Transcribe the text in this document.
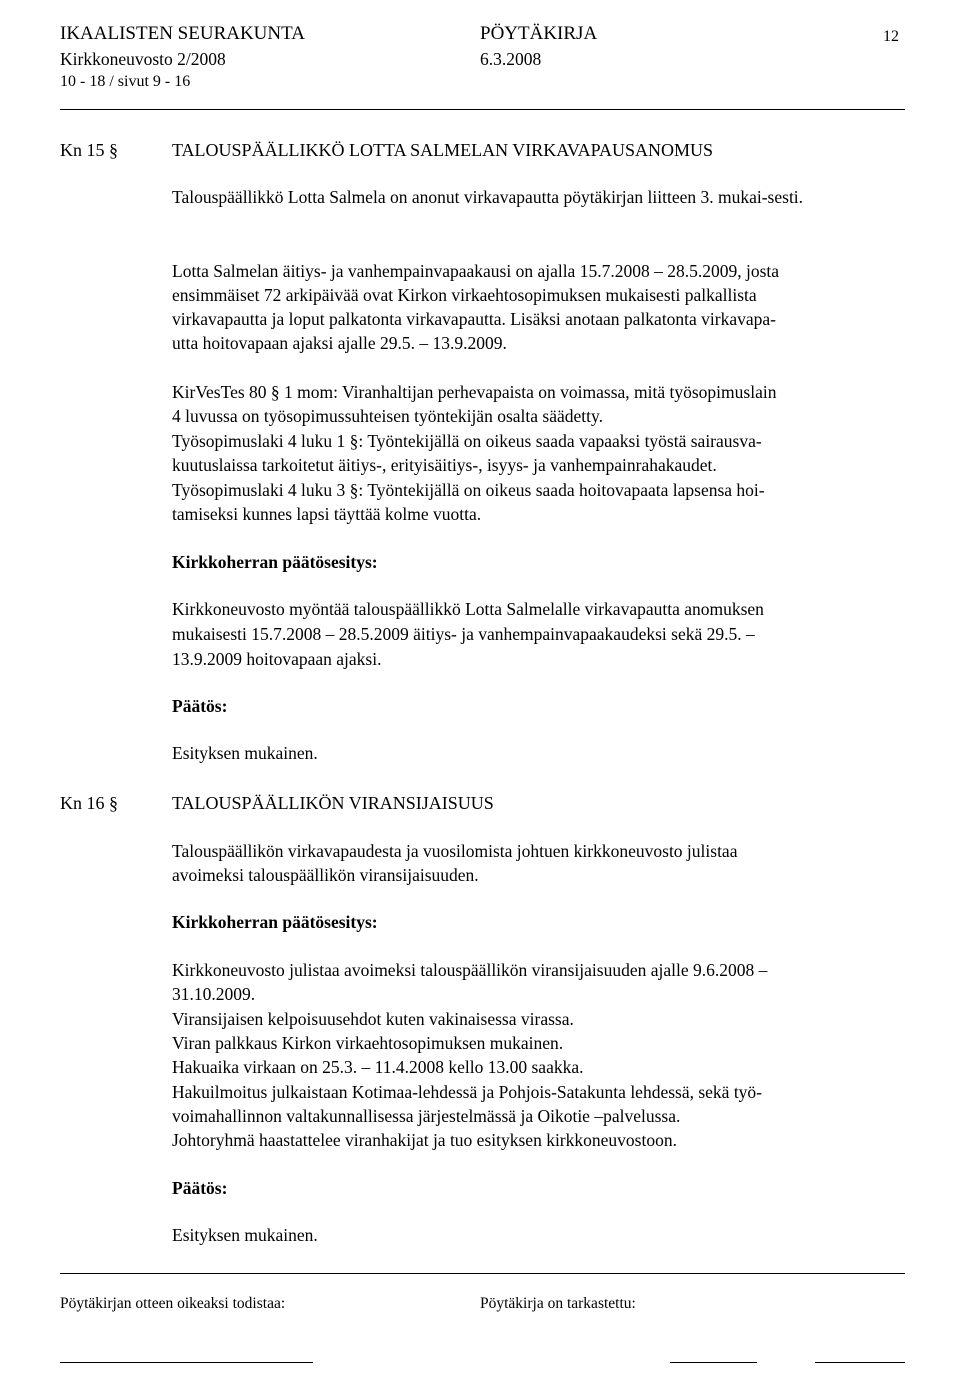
IKAALISTEN SEURAKUNTA	PÖYTÄKIRJA	12
Kirkkoneuvosto 2/2008	6.3.2008
10 - 18 / sivut 9 - 16
Kn 15 §	TALOUSPÄÄLLIKKÖ LOTTA SALMELAN VIRKAVAPAUSANOMUS

Talouspäällikkö Lotta Salmela on anonut virkavapautta pöytäkirjan liitteen 3. mukai-sesti.

Lotta Salmelan äitiys- ja vanhempainvapaakausi on ajalla 15.7.2008 – 28.5.2009, josta
ensimmäiset 72 arkipäivää ovat Kirkon virkaehtosopimuksen mukaisesti palkallista
virkavapautta ja loput palkatonta virkavapautta. Lisäksi anotaan palkatonta virkavapa-
utta hoitovapaan ajaksi ajalle 29.5. – 13.9.2009.
KirVesTes 80 § 1 mom: Viranhaltijan perhevapaista on voimassa, mitä työsopimuslain
4 luvussa on työsopimussuhteisen työntekijän osalta säädetty.
Työsopimuslaki 4 luku 1 §: Työntekijällä on oikeus saada vapaaksi työstä sairausva-
kuutuslaissa tarkoitetut äitiys-, erityisäitiys-, isyys- ja vanhempainrahakaudet.
Työsopimuslaki 4 luku 3 §: Työntekijällä on oikeus saada hoitovapaata lapsensa hoi-
tamiseksi kunnes lapsi täyttää kolme vuotta.
Kirkkoherran päätösesitys:
Kirkkoneuvosto myöntää talouspäällikkö Lotta Salmelalle virkavapautta anomuksen
mukaisesti 15.7.2008 – 28.5.2009 äitiys- ja vanhempainvapaakaudeksi sekä 29.5. –
13.9.2009 hoitovapaan ajaksi.
Päätös:
Esityksen mukainen.
Kn 16 §	TALOUSPÄÄLLIKÖN VIRANSIJAISUUS
Talouspäällikön virkavapaudesta ja vuosilomista johtuen kirkkoneuvosto julistaa
avoimeksi talouspäällikön viransijaisuuden.
Kirkkoherran päätösesitys:
Kirkkoneuvosto julistaa avoimeksi talouspäällikön viransijaisuuden ajalle 9.6.2008 –
31.10.2009.
Viransijaisen kelpoisuusehdot kuten vakinaisessa virassa.
Viran palkkaus Kirkon virkaehtosopimuksen mukainen.
Hakuaika virkaan on 25.3. – 11.4.2008 kello 13.00 saakka.
Hakuilmoitus julkaistaan Kotimaa-lehdessä ja Pohjois-Satakunta lehdessä, sekä työ-
voimahallinnon valtakunnallisessa järjestelmässä ja Oikotie –palvelussa.
Johtoryhmä haastattelee viranhakijat ja tuo esityksen kirkkoneuvostoon.
Päätös:
Esityksen mukainen.
Pöytäkirjan otteen oikeaksi todistaa:	Pöytäkirja on tarkastettu:
